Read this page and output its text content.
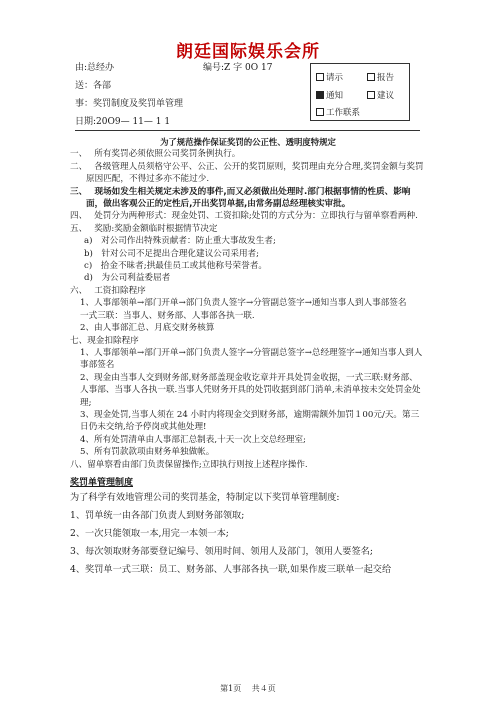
朗廷国际娱乐会所
由:总经办	编号:Z 字 0O 17
送：各部
事：奖罚制度及奖罚单管理
日期:20O9— 11— 1 1
请示	报告
通知	建议
工作联系

为了规范操作保证奖罚的公正性、透明度特规定

一、　 所有奖罚必须依照公司奖罚条例执行。

二、　 各级管理人员须格守公平、公正、公开的奖罚原则，奖罚理由充分合理,奖罚金额与奖罚原因匹配，不得过多亦不能过少.

三、　 现场如发生相关规定未涉及的事件,而又必须做出处理时.部门根据事情的性质、影响面，做出客观公正的定性后,开出奖罚单据,由常务副总经理核实审批。

四、　 处罚分为两种形式：现金处罚、工资扣除;处罚的方式分为：立即执行与留单察看两种.

五、　 奖励:奖励金额临时根据情节决定

a)　对公司作出特殊贡献者：防止重大事故发生者;

b)　针对公司不足提出合理化建议公司采用者;

c)　拾金不昧者;拱最佳员工或其他称号荣誉者。

d)　为公司利益委屈者

六、　 工资扣除程序

1、人事部领单→部门开单→部门负责人签字→分管副总签字→通知当事人到人事部签名

一式三联：当事人、财务部、人事部各执一联.

2、由人事部汇总、月底交财务核算

七、现金扣除程序

1、人事部领单→部门开单→部门负责人签字→分管副总签字→总经理签字→通知当事人到人事部签名

2、现金由当事人交到财务部,财务部盖现金收讫章并开具处罚金收据，一式三联:财务部、人事部、当事人各执一联.当事人凭财务开具的处罚收据到部门消单,未消单按未交处罚金处理;

3、现金处罚,当事人须在 24 小时内将现金交到财务部，逾期需额外加罚１00元/天。第三日仍未交纳,给予停岗或其他处理!

4、所有处罚清单由人事部汇总制表,十天一次上交总经理室;

5、所有罚款款项由财务单独做帐。

八、留单察看由部门负责保留操作;立即执行则按上述程序操作.

奖罚单管理制度

为了科学有效地管理公司的奖罚基金，特制定以下奖罚单管理制度:

1、罚单统一由各部门负责人到财务部领取;

2、一次只能领取一本,用完一本领一本;

3、每次领取财务部要登记编号、领用时间、领用人及部门，领用人要签名;

4、奖罚单一式三联：员工、财务部、人事部各执一联,如果作废三联单一起交给

第1页　 共４页
